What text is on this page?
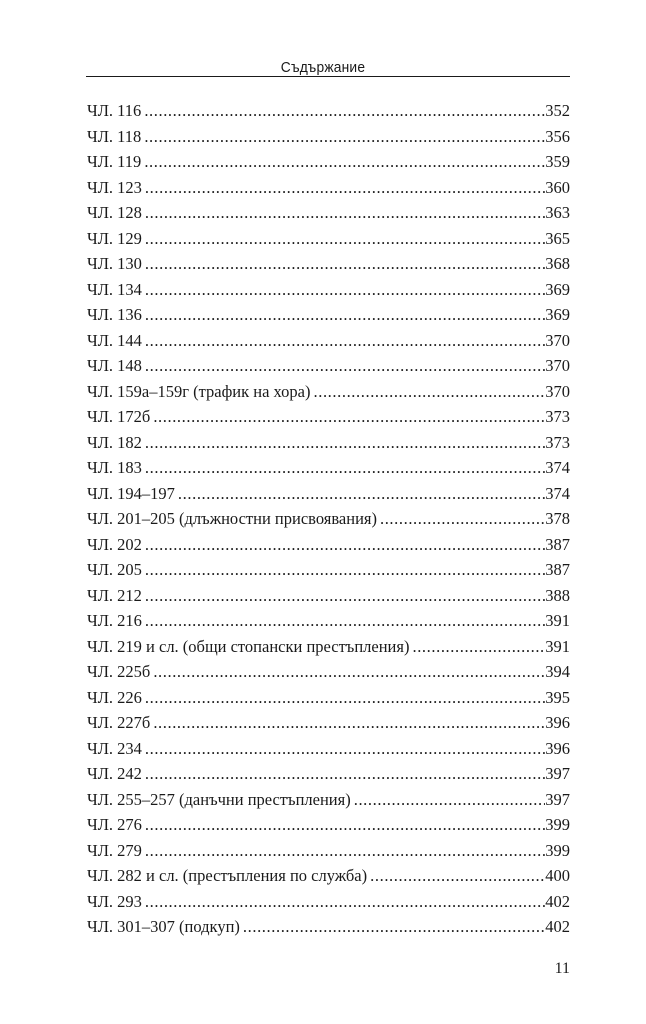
Съдържание
ЧЛ. 116 .....	352
ЧЛ. 118 .....	356
ЧЛ. 119 .....	359
ЧЛ. 123 .....	360
ЧЛ. 128 .....	363
ЧЛ. 129 .....	365
ЧЛ. 130 .....	368
ЧЛ. 134 .....	369
ЧЛ. 136 .....	369
ЧЛ. 144 .....	370
ЧЛ. 148 .....	370
ЧЛ. 159а–159г (трафик на хора) .....	370
ЧЛ. 172б .....	373
ЧЛ. 182 .....	373
ЧЛ. 183 .....	374
ЧЛ. 194–197 .....	374
ЧЛ. 201–205 (длъжностни присвоявания) .....	378
ЧЛ. 202 .....	387
ЧЛ. 205 .....	387
ЧЛ. 212 .....	388
ЧЛ. 216 .....	391
ЧЛ. 219 и сл. (общи стопански престъпления) .....	391
ЧЛ. 225б .....	394
ЧЛ. 226 .....	395
ЧЛ. 227б .....	396
ЧЛ. 234 .....	396
ЧЛ. 242 .....	397
ЧЛ. 255–257 (данъчни престъпления) .....	397
ЧЛ. 276 .....	399
ЧЛ. 279 .....	399
ЧЛ. 282 и сл. (престъпления по служба) .....	400
ЧЛ. 293 .....	402
ЧЛ. 301–307 (подкуп) .....	402
11
